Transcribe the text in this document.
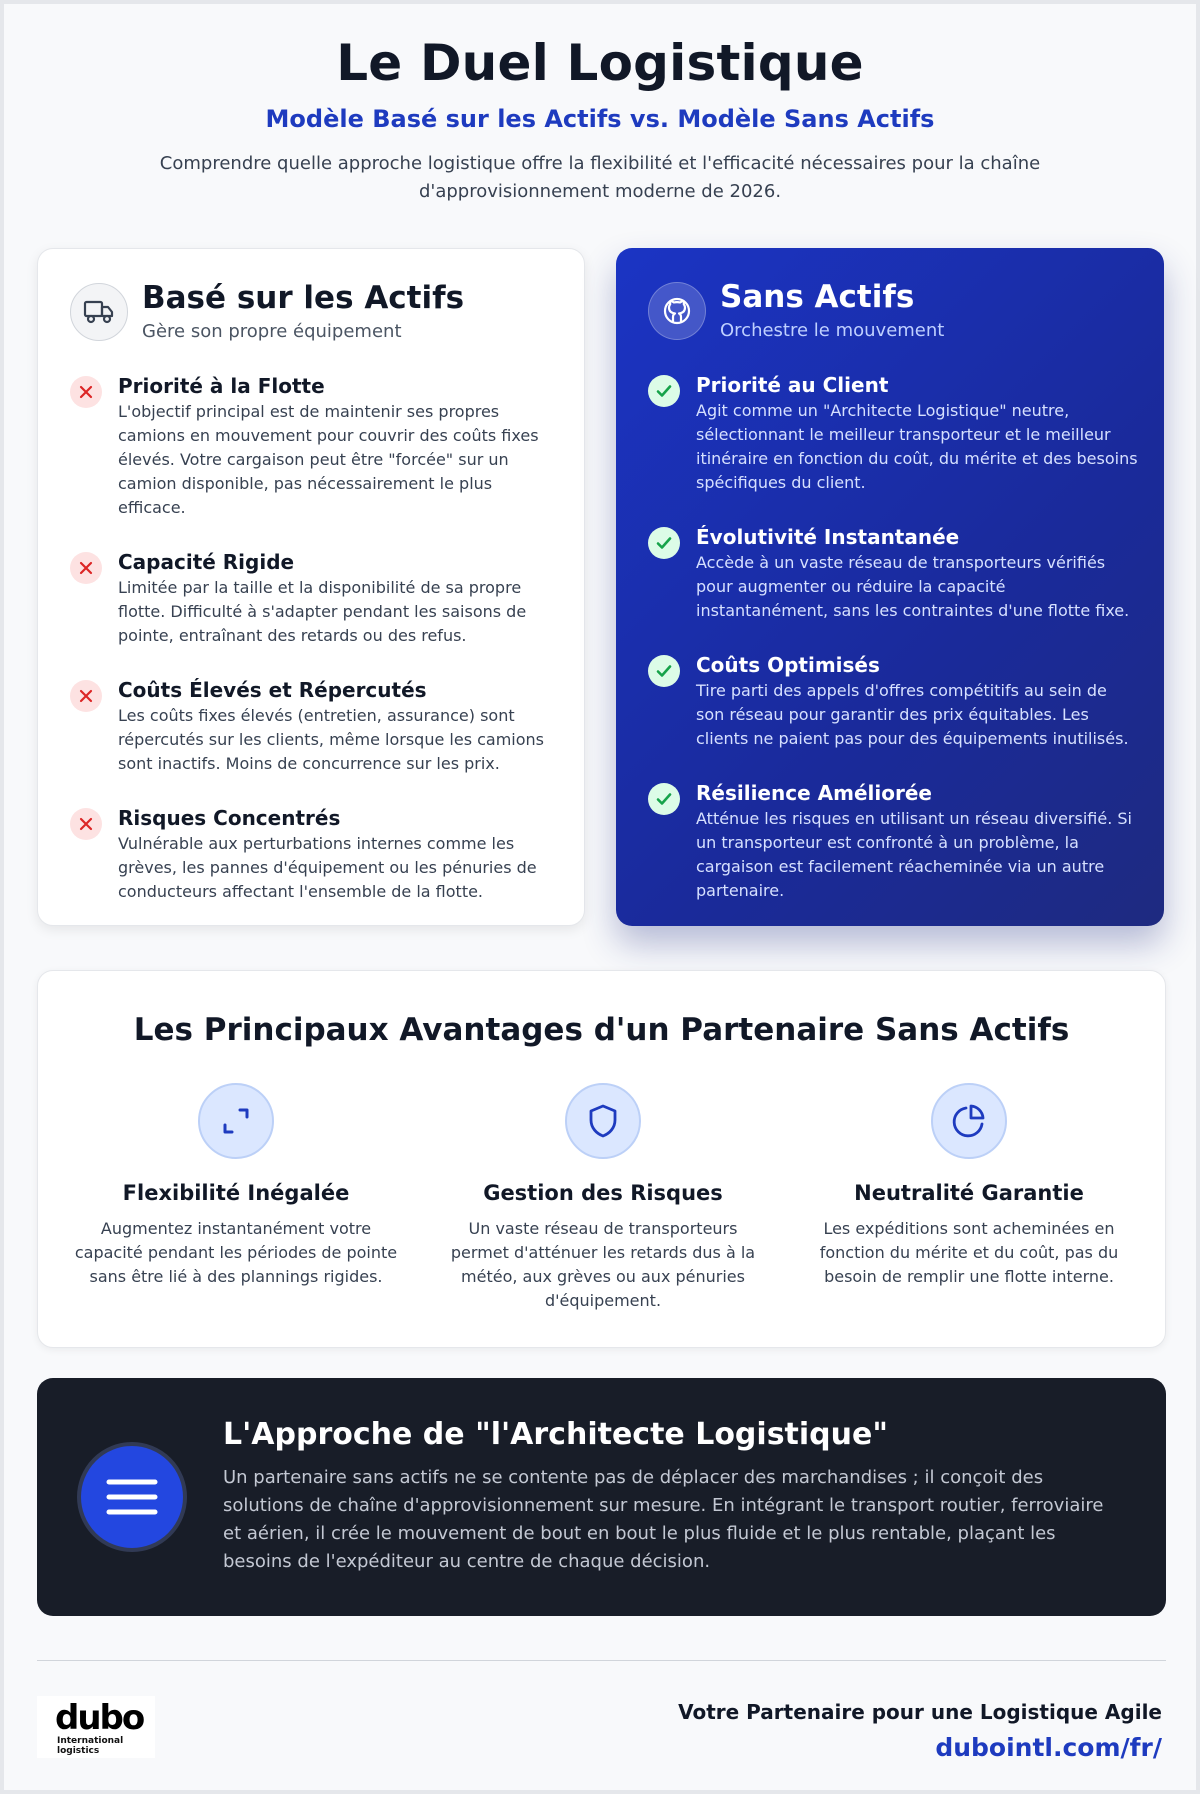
Le Duel Logistique
Modèle Basé sur les Actifs vs. Modèle Sans Actifs

Comprendre quelle approche logistique offre la flexibilité et l'efficacité nécessaires pour la chaîne d'approvisionnement moderne de 2026.

Basé sur les Actifs
Gère son propre équipement
Priorité à la Flotte
L'objectif principal est de maintenir ses propres camions en mouvement pour couvrir des coûts fixes élevés. Votre cargaison peut être "forcée" sur un camion disponible, pas nécessairement le plus efficace.
Capacité Rigide
Limitée par la taille et la disponibilité de sa propre flotte. Difficulté à s'adapter pendant les saisons de pointe, entraînant des retards ou des refus.
Coûts Élevés et Répercutés
Les coûts fixes élevés (entretien, assurance) sont répercutés sur les clients, même lorsque les camions sont inactifs. Moins de concurrence sur les prix.
Risques Concentrés
Vulnérable aux perturbations internes comme les grèves, les pannes d'équipement ou les pénuries de conducteurs affectant l'ensemble de la flotte.
Sans Actifs
Orchestre le mouvement
Priorité au Client
Agit comme un "Architecte Logistique" neutre, sélectionnant le meilleur transporteur et le meilleur itinéraire en fonction du coût, du mérite et des besoins spécifiques du client.
Évolutivité Instantanée
Accède à un vaste réseau de transporteurs vérifiés pour augmenter ou réduire la capacité instantanément, sans les contraintes d'une flotte fixe.
Coûts Optimisés
Tire parti des appels d'offres compétitifs au sein de son réseau pour garantir des prix équitables. Les clients ne paient pas pour des équipements inutilisés.
Résilience Améliorée
Atténue les risques en utilisant un réseau diversifié. Si un transporteur est confronté à un problème, la cargaison est facilement réacheminée via un autre partenaire.
Les Principaux Avantages d'un Partenaire Sans Actifs
Flexibilité Inégalée
Augmentez instantanément votre capacité pendant les périodes de pointe sans être lié à des plannings rigides.
Gestion des Risques
Un vaste réseau de transporteurs permet d'atténuer les retards dus à la météo, aux grèves ou aux pénuries d'équipement.
Neutralité Garantie
Les expéditions sont acheminées en fonction du mérite et du coût, pas du besoin de remplir une flotte interne.
L'Approche de "l'Architecte Logistique"
Un partenaire sans actifs ne se contente pas de déplacer des marchandises ; il conçoit des solutions de chaîne d'approvisionnement sur mesure. En intégrant le transport routier, ferroviaire et aérien, il crée le mouvement de bout en bout le plus fluide et le plus rentable, plaçant les besoins de l'expéditeur au centre de chaque décision.
dubo
International
logistics
Votre Partenaire pour une Logistique Agile
dubointl.com/fr/
